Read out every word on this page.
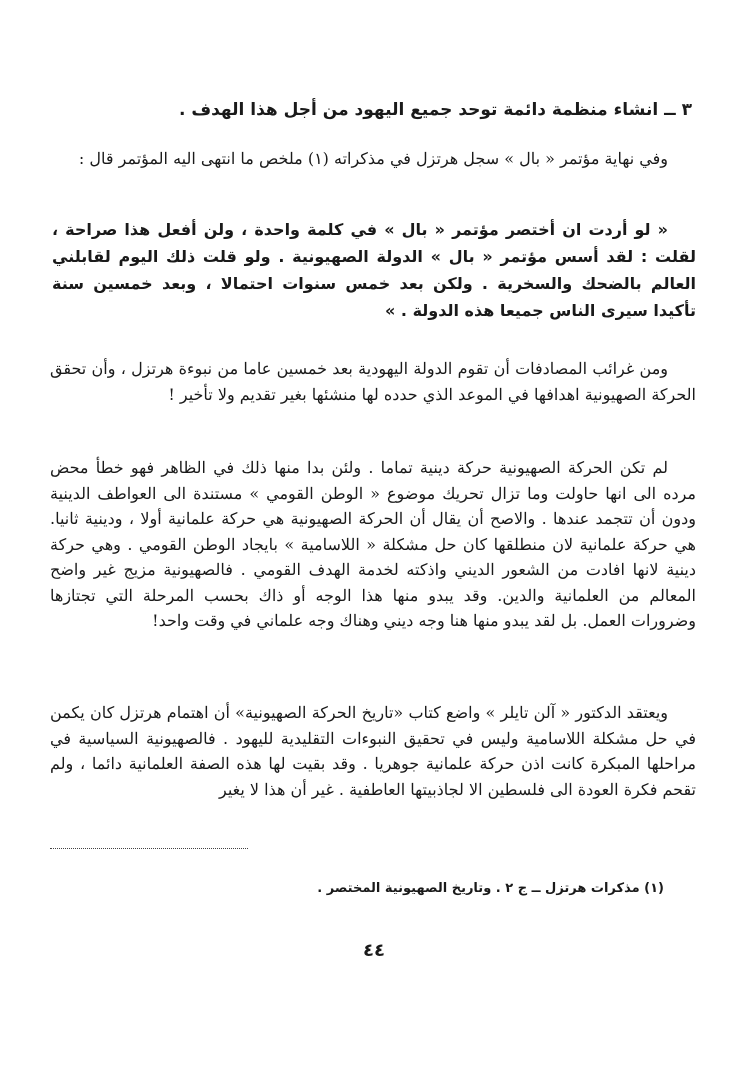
٣ ــ انشاء منظمة دائمة توحد جميع اليهود من أجل هذا الهدف .
وفي نهاية مؤتمر « بال » سجل هرتزل في مذكراته (١) ملخص ما انتهى اليه المؤتمر قال :
« لو أردت ان أختصر مؤتمر « بال » في كلمة واحدة ، ولن أفعل هذا صراحة ، لقلت : لقد أسس مؤتمر « بال » الدولة الصهيونية . ولو قلت ذلك اليوم لقابلني العالم بالضحك والسخرية . ولكن بعد خمس سنوات احتمالا ، وبعد خمسين سنة تأكيدا سيرى الناس جميعا هذه الدولة . »
ومن غرائب المصادفات أن تقوم الدولة اليهودية بعد خمسين عاما من نبوءة هرتزل ، وأن تحقق الحركة الصهيونية اهدافها في الموعد الذي حدده لها منشئها بغير تقديم ولا تأخير !
لم تكن الحركة الصهيونية حركة دينية تماما . ولئن بدا منها ذلك في الظاهر فهو خطأ محض مرده الى انها حاولت وما تزال تحريك موضوع « الوطن القومي » مستندة الى العواطف الدينية ودون أن تتجمد عندها . والاصح أن يقال أن الحركة الصهيونية هي حركة علمانية أولا ، ودينية ثانيا. هي حركة علمانية لان منطلقها كان حل مشكلة « اللاسامية » بايجاد الوطن القومي . وهي حركة دينية لانها افادت من الشعور الديني واذكته لخدمة الهدف القومي . فالصهيونية مزيج غير واضح المعالم من العلمانية والدين. وقد يبدو منها هذا الوجه أو ذاك بحسب المرحلة التي تجتازها وضرورات العمل. بل لقد يبدو منها هنا وجه ديني وهناك وجه علماني في وقت واحد!
ويعتقد الدكتور « آلن تايلر » واضع كتاب «تاريخ الحركة الصهيونية» أن اهتمام هرتزل كان يكمن في حل مشكلة اللاسامية وليس في تحقيق النبوءات التقليدية لليهود . فالصهيونية السياسية في مراحلها المبكرة كانت اذن حركة علمانية جوهريا . وقد بقيت لها هذه الصفة العلمانية دائما ، ولم تقحم فكرة العودة الى فلسطين الا لجاذبيتها العاطفية . غير أن هذا لا يغير
(١) مذكرات هرتزل ــ ج ٢ . وتاريخ الصهيونية المختصر .
٤٤
